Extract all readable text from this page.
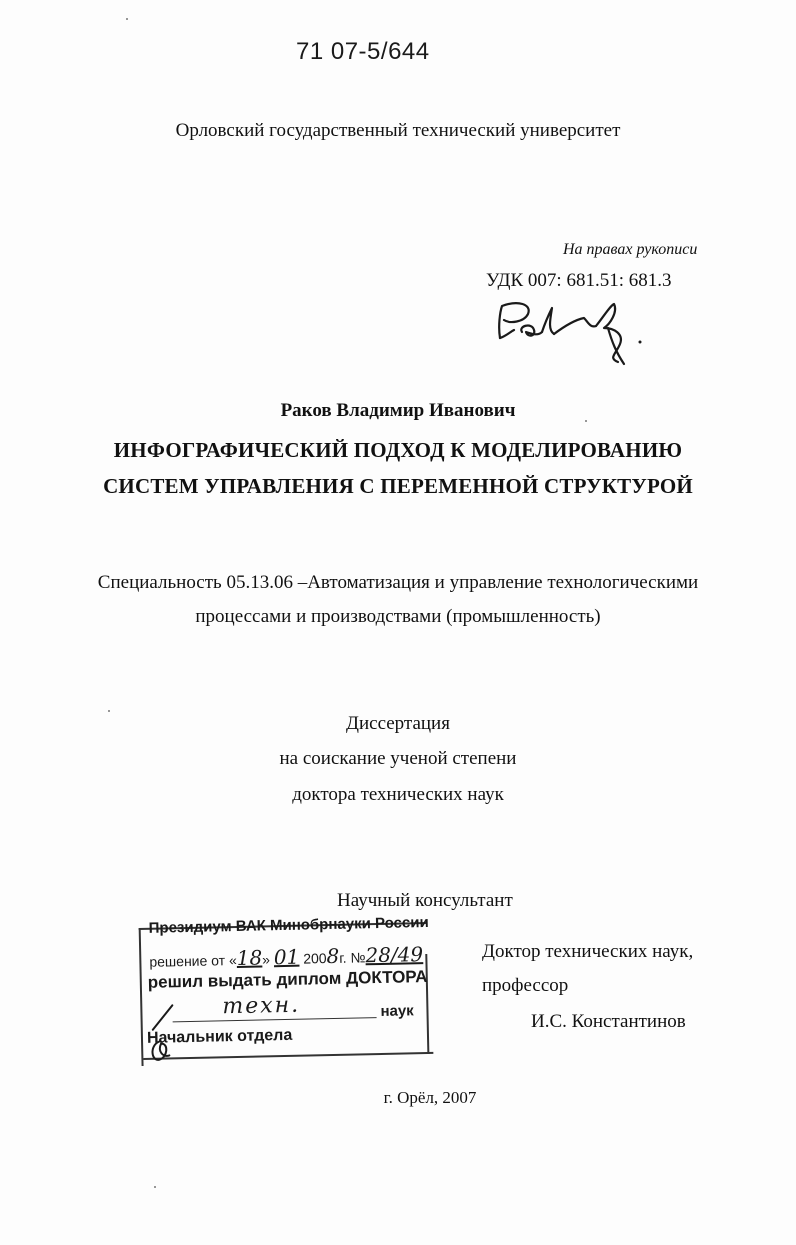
71 07-5/644
Орловский государственный технический университет
На правах рукописи
УДК 007: 681.51: 681.3
Раков Владимир Иванович
ИНФОГРАФИЧЕСКИЙ ПОДХОД К МОДЕЛИРОВАНИЮ
СИСТЕМ УПРАВЛЕНИЯ С ПЕРЕМЕННОЙ СТРУКТУРОЙ
Специальность 05.13.06 –Автоматизация и управление технологическими
процессами и производствами (промышленность)
Диссертация
на соискание ученой степени
доктора технических наук
Научный консультант
Доктор технических наук,
профессор
И.С. Константинов
Президиум ВАК Минобрнауки России
решение от «18» 01 2008г. №28/49
решил выдать диплом ДОКТОРА
техн.	наук
Начальник отдела
г. Орёл, 2007
